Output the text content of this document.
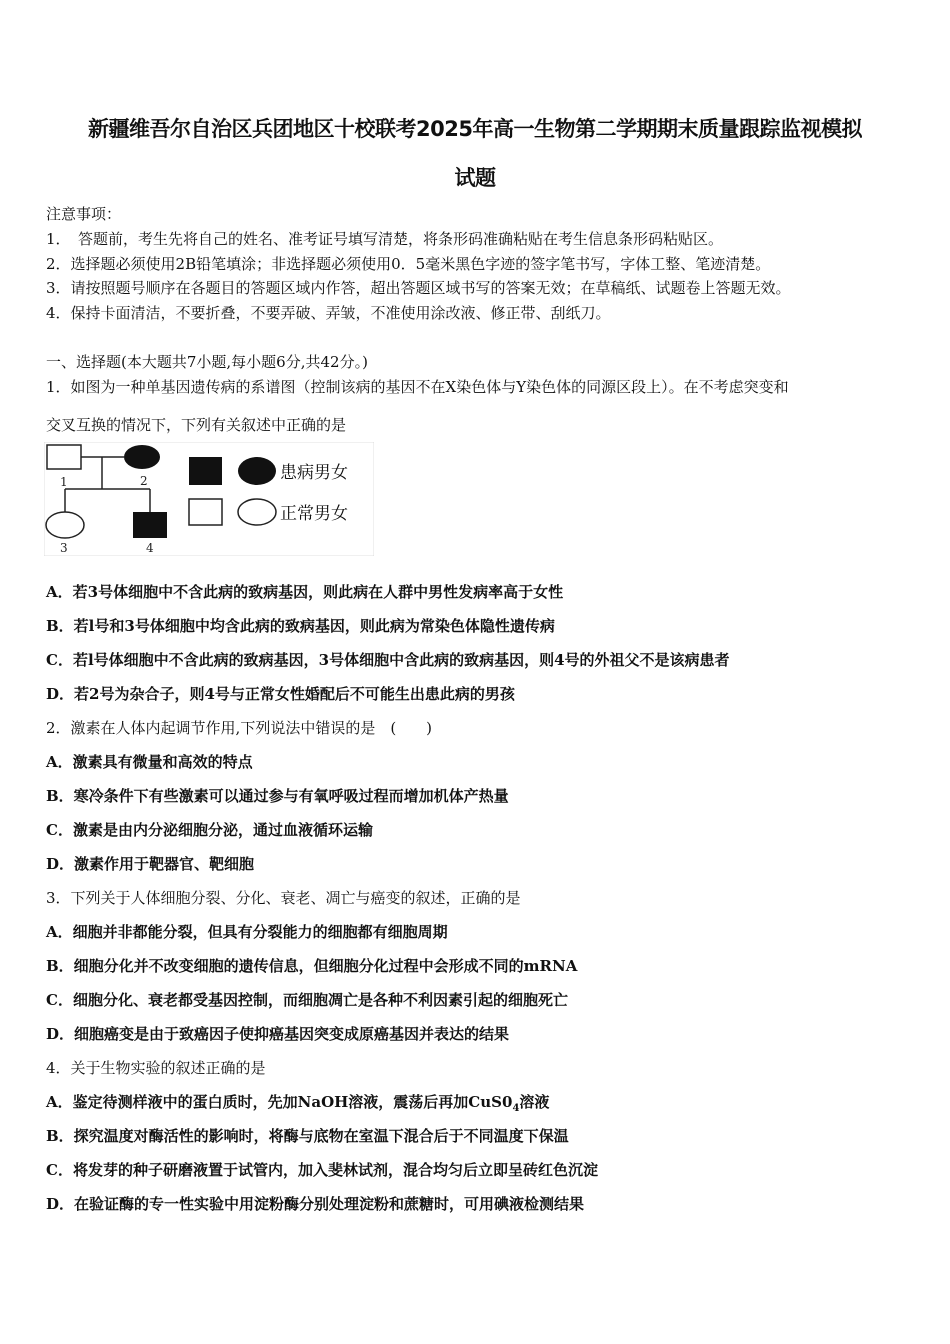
新疆维吾尔自治区兵团地区十校联考2025年高一生物第二学期期末质量跟踪监视模拟
试题
注意事项：
1．　答题前，考生先将自己的姓名、准考证号填写清楚，将条形码准确粘贴在考生信息条形码粘贴区。
2．选择题必须使用2B铅笔填涂；非选择题必须使用0．5毫米黑色字迹的签字笔书写，字体工整、笔迹清楚。
3．请按照题号顺序在各题目的答题区域内作答，超出答题区域书写的答案无效；在草稿纸、试题卷上答题无效。
4．保持卡面清洁，不要折叠，不要弄破、弄皱，不准使用涂改液、修正带、刮纸刀。
一、选择题(本大题共7小题,每小题6分,共42分。)
1．如图为一种单基因遗传病的系谱图（控制该病的基因不在X染色体与Y染色体的同源区段上）。在不考虑突变和
交叉互换的情况下，下列有关叙述中正确的是
1	2
3	4
患病男女
正常男女
A．若3号体细胞中不含此病的致病基因，则此病在人群中男性发病率高于女性
B．若l号和3号体细胞中均含此病的致病基因，则此病为常染色体隐性遗传病
C．若l号体细胞中不含此病的致病基因，3号体细胞中含此病的致病基因，则4号的外祖父不是该病患者
D．若2号为杂合子，则4号与正常女性婚配后不可能生出患此病的男孩
2．激素在人体内起调节作用,下列说法中错误的是　(　　)
A．激素具有微量和高效的特点
B．寒冷条件下有些激素可以通过参与有氧呼吸过程而增加机体产热量
C．激素是由内分泌细胞分泌，通过血液循环运输
D．激素作用于靶器官、靶细胞
3．下列关于人体细胞分裂、分化、衰老、凋亡与癌变的叙述，正确的是
A．细胞并非都能分裂，但具有分裂能力的细胞都有细胞周期
B．细胞分化并不改变细胞的遗传信息，但细胞分化过程中会形成不同的mRNA
C．细胞分化、衰老都受基因控制，而细胞凋亡是各种不利因素引起的细胞死亡
D．细胞癌变是由于致癌因子使抑癌基因突变成原癌基因并表达的结果
4．关于生物实验的叙述正确的是
A．鉴定待测样液中的蛋白质时，先加NaOH溶液，震荡后再加$CuS0_4$溶液
B．探究温度对酶活性的影响时，将酶与底物在室温下混合后于不同温度下保温
C．将发芽的种子研磨液置于试管内，加入斐林试剂，混合均匀后立即呈砖红色沉淀
D．在验证酶的专一性实验中用淀粉酶分别处理淀粉和蔗糖时，可用碘液检测结果
